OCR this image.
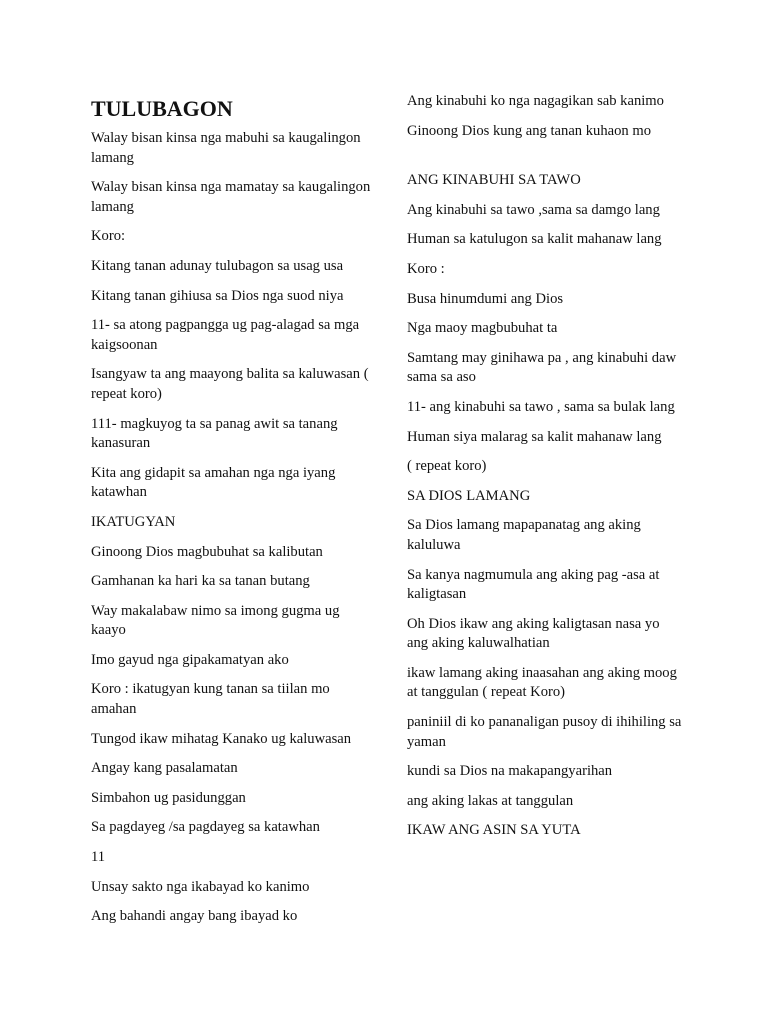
TULUBAGON

Walay bisan kinsa nga mabuhi sa kaugalingon lamang

Walay bisan kinsa nga mamatay sa kaugalingon lamang

Koro:

Kitang tanan adunay tulubagon sa usag usa

Kitang tanan gihiusa sa Dios nga suod niya

11- sa atong pagpangga ug pag-alagad sa mga kaigsoonan

Isangyaw ta ang maayong balita sa kaluwasan ( repeat koro)

111- magkuyog ta sa panag awit sa tanang kanasuran

Kita ang gidapit sa amahan nga nga iyang katawhan

IKATUGYAN

Ginoong Dios magbubuhat sa kalibutan

Gamhanan ka hari ka sa tanan butang

Way makalabaw nimo sa imong gugma ug kaayo

Imo gayud nga gipakamatyan ako

Koro : ikatugyan kung tanan sa tiilan mo amahan

Tungod ikaw mihatag Kanako ug kaluwasan

Angay kang pasalamatan

Simbahon ug pasidunggan

Sa pagdayeg /sa pagdayeg sa katawhan

11

Unsay sakto nga ikabayad ko kanimo

Ang bahandi angay bang ibayad ko

Ang kinabuhi ko nga nagagikan sab kanimo

Ginoong Dios kung ang tanan kuhaon mo

ANG KINABUHI SA TAWO

Ang kinabuhi sa tawo ,sama sa damgo lang

Human sa katulugon sa kalit mahanaw lang

Koro :

Busa hinumdumi ang Dios

Nga maoy magbubuhat ta

Samtang may ginihawa pa , ang kinabuhi daw sama sa aso

11- ang kinabuhi sa tawo , sama sa bulak lang

Human siya malarag sa kalit mahanaw lang

( repeat koro)

SA DIOS LAMANG

Sa Dios lamang mapapanatag ang aking kaluluwa

Sa kanya nagmumula ang aking pag -asa at kaligtasan

Oh Dios ikaw ang aking kaligtasan nasa yo ang aking kaluwalhatian

ikaw lamang aking inaasahan ang aking moog at tanggulan ( repeat Koro)

paniniil di ko pananaligan pusoy di ihihiling sa yaman

kundi sa Dios na makapangyarihan

ang aking lakas at tanggulan

IKAW ANG ASIN SA YUTA
